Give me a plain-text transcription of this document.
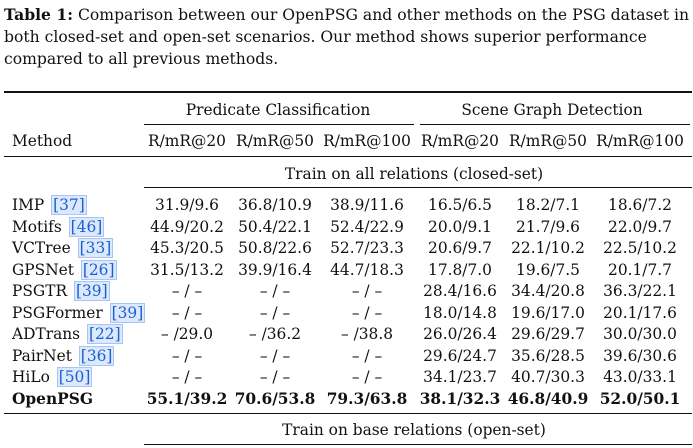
Table 1: Comparison between our OpenPSG and other methods on the PSG dataset in both closed-set and open-set scenarios. Our method shows superior performance compared to all previous methods.

Predicate Classification	Scene Graph Detection
Method	R/mR@20 R/mR@50 R/mR@100 R/mR@20 R/mR@50 R/mR@100
Train on all relations (closed-set)
IMP [37]	31.9/9.6 36.8/10.9 38.9/11.6 16.5/6.5 18.2/7.1 18.6/7.2
Motifs [46]	44.9/20.2 50.4/22.1 52.4/22.9 20.0/9.1 21.7/9.6 22.0/9.7
VCTree [33]	45.3/20.5 50.8/22.6 52.7/23.3 20.6/9.7 22.1/10.2 22.5/10.2
GPSNet [26] 31.5/13.2 39.9/16.4 44.7/18.3 17.8/7.0 19.6/7.5 20.1/7.7
PSGTR [39]	– / –	– / –	– / –	28.4/16.6 34.4/20.8 36.3/22.1
PSGFormer [39] – / –	– / –	– / –	18.0/14.8 19.6/17.0 20.1/17.6
ADTrans [22]	– /29.0 – /36.2	– /38.8 26.0/26.4 29.6/29.7 30.0/30.0
PairNet [36]	– / –	– / –	– / –	29.6/24.7 35.6/28.5 39.6/30.6
HiLo [50]	– / –	– / –	– / –	34.1/23.7 40.7/30.3 43.0/33.1
OpenPSG	55.1/39.2 70.6/53.8 79.3/63.8 38.1/32.3 46.8/40.9 52.0/50.1
Train on base relations (open-set)
